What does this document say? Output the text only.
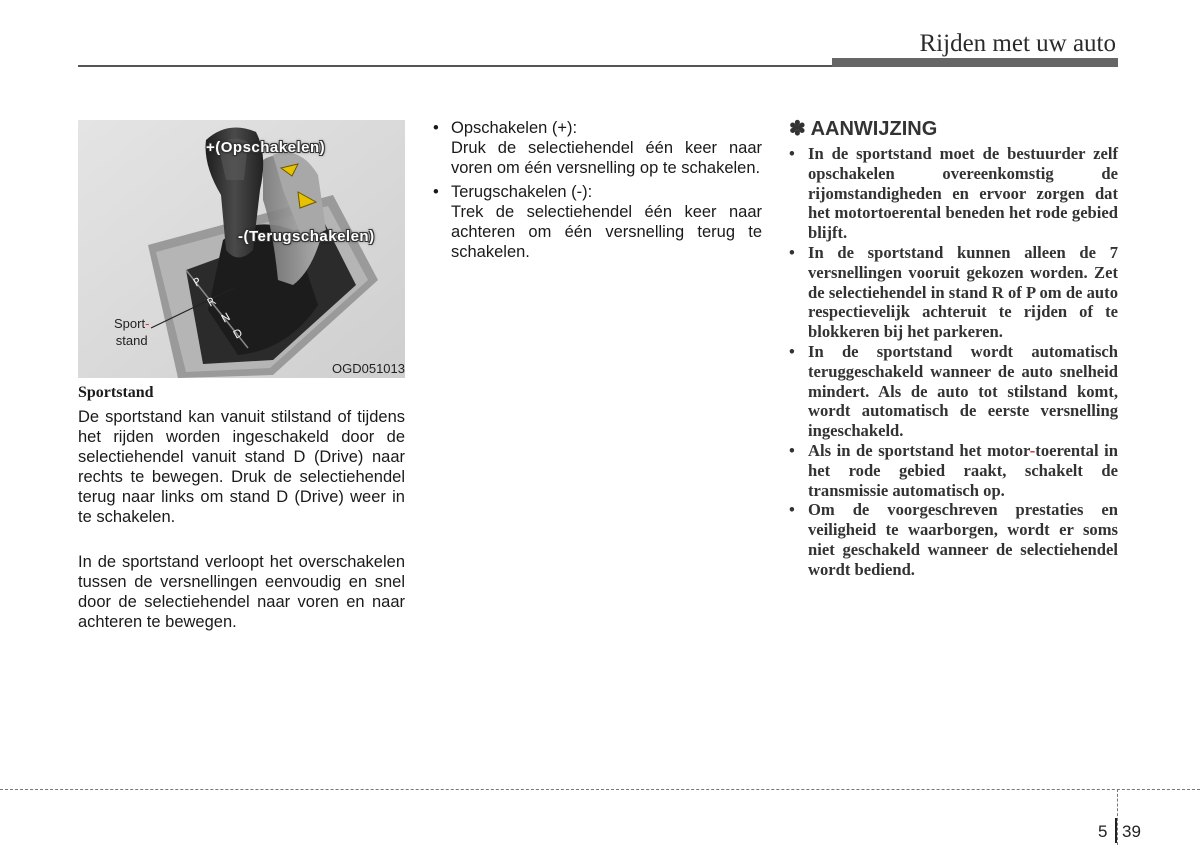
Rijden met uw auto
P
R
N
D
+(Opschakelen)
-(Terugschakelen)
Sport-
stand
OGD051013
Sportstand
De sportstand kan vanuit stilstand of tijdens het rijden worden ingeschakeld door de selectiehendel vanuit stand D (Drive) naar rechts te bewegen. Druk de selectiehendel terug naar links om stand D (Drive) weer in te schakelen.
In de sportstand verloopt het overschakelen tussen de versnellingen eenvoudig en snel door de selectiehendel naar voren en naar achteren te bewegen.
• Opschakelen (+):
Druk de selectiehendel één keer naar voren om één versnelling op te schakelen.
• Terugschakelen (-):
Trek de selectiehendel één keer naar achteren om één versnelling terug te schakelen.
✽ AANWIJZING
• In de sportstand moet de bestuurder zelf opschakelen overeenkomstig de rijomstandigheden en ervoor zorgen dat het motortoerental beneden het rode gebied blijft.
• In de sportstand kunnen alleen de 7 versnellingen vooruit gekozen worden. Zet de selectiehendel in stand R of P om de auto respectievelijk achteruit te rijden of te blokkeren bij het parkeren.
• In de sportstand wordt automatisch teruggeschakeld wanneer de auto snelheid mindert. Als de auto tot stilstand komt, wordt automatisch de eerste versnelling ingeschakeld.
• Als in de sportstand het motor-toerental in het rode gebied raakt, schakelt de transmissie automatisch op.
• Om de voorgeschreven prestaties en veiligheid te waarborgen, wordt er soms niet geschakeld wanneer de selectiehendel wordt bediend.
5 39
